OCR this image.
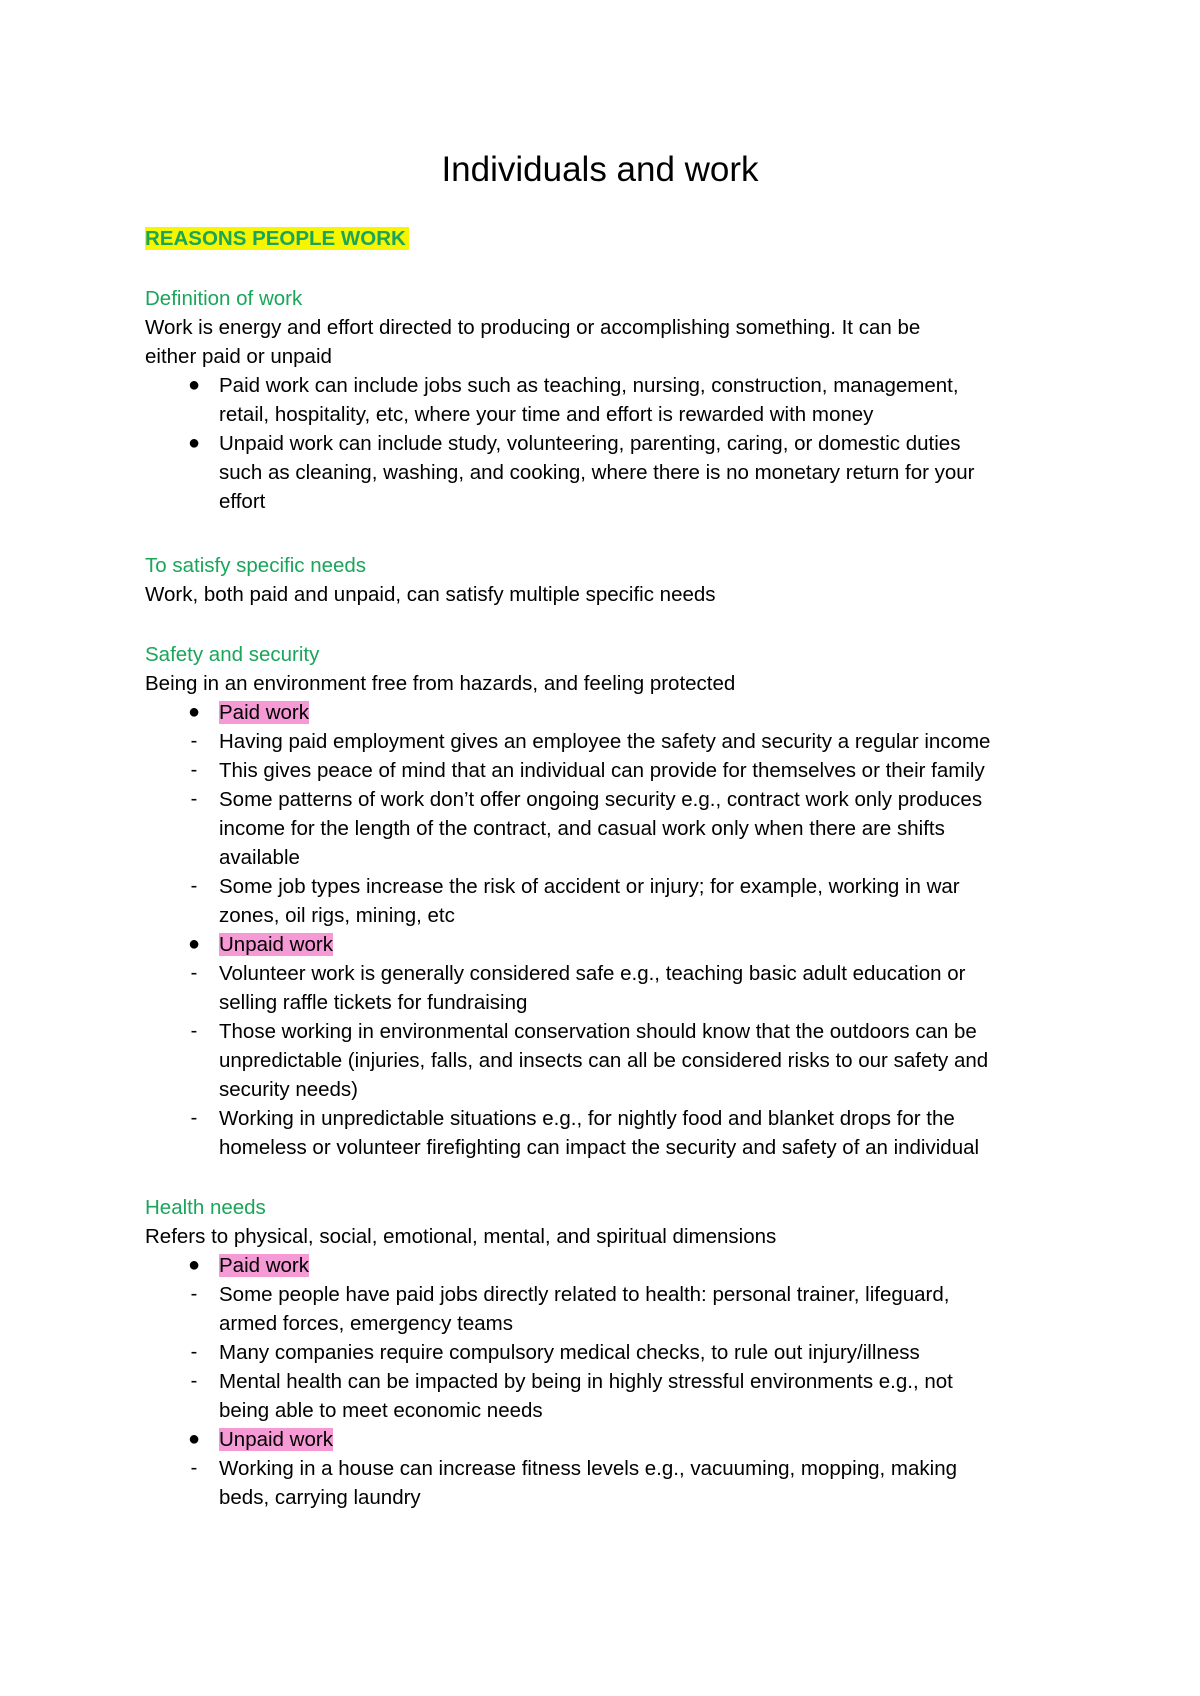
Individuals and work
REASONS PEOPLE WORK
Definition of work
Work is energy and effort directed to producing or accomplishing something. It can be
either paid or unpaid
● Paid work can include jobs such as teaching, nursing, construction, management,
retail, hospitality, etc, where your time and effort is rewarded with money
● Unpaid work can include study, volunteering, parenting, caring, or domestic duties
such as cleaning, washing, and cooking, where there is no monetary return for your
effort
To satisfy specific needs
Work, both paid and unpaid, can satisfy multiple specific needs
Safety and security
Being in an environment free from hazards, and feeling protected
● Paid work
-	Having paid employment gives an employee the safety and security a regular income
-	This gives peace of mind that an individual can provide for themselves or their family
-	Some patterns of work don’t offer ongoing security e.g., contract work only produces
income for the length of the contract, and casual work only when there are shifts
available
-	Some job types increase the risk of accident or injury; for example, working in war
zones, oil rigs, mining, etc
● Unpaid work
-	Volunteer work is generally considered safe e.g., teaching basic adult education or
selling raffle tickets for fundraising
-	Those working in environmental conservation should know that the outdoors can be
unpredictable (injuries, falls, and insects can all be considered risks to our safety and
security needs)
-	Working in unpredictable situations e.g., for nightly food and blanket drops for the
homeless or volunteer firefighting can impact the security and safety of an individual
Health needs
Refers to physical, social, emotional, mental, and spiritual dimensions
● Paid work
-	Some people have paid jobs directly related to health: personal trainer, lifeguard,
armed forces, emergency teams
-	Many companies require compulsory medical checks, to rule out injury/illness
-	Mental health can be impacted by being in highly stressful environments e.g., not
being able to meet economic needs
● Unpaid work
-	Working in a house can increase fitness levels e.g., vacuuming, mopping, making
beds, carrying laundry
